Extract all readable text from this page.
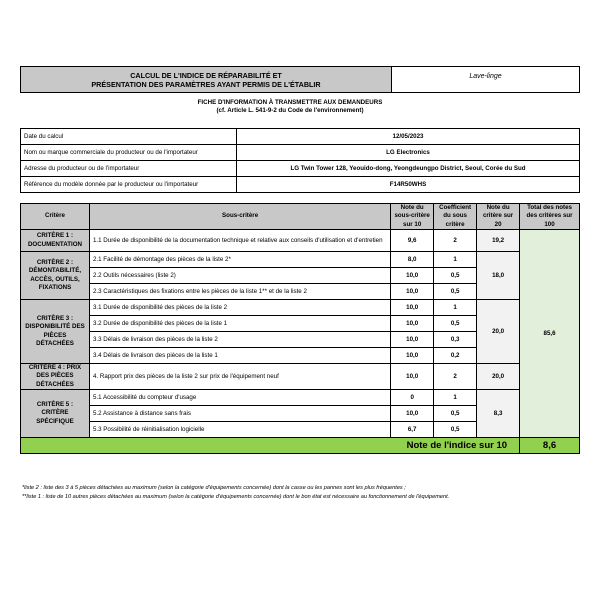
CALCUL DE L'INDICE DE RÉPARABILITÉ ET
PRÉSENTATION DES PARAMÈTRES AYANT PERMIS DE L'ÉTABLIR
Lave-linge
FICHE D'INFORMATION À TRANSMETTRE AUX DEMANDEURS
(cf. Article L. 541-9-2 du Code de l'environnement)
Date du calcul	12/05/2023
Nom ou marque commerciale du producteur ou de l'importateur	LG Electronics
Adresse du producteur ou de l'importateur	LG Twin Tower 128, Yeouido-dong, Yeongdeungpo District, Seoul, Corée du Sud
Référence du modèle donnée par le producteur ou l'importateur	F14R50WHS
Critère	Sous-critère	Note du sous-critère sur 10	Coefficient du sous critère	Note du critère sur 20	Total des notes des critères sur 100
CRITÈRE 1 : DOCUMENTATION	1.1 Durée de disponibilité de la documentation technique et relative aux conseils d'utilisation et d'entretien	9,6	2	19,2	85,6
CRITÈRE 2 : DÉMONTABILITÉ, ACCÈS, OUTILS, FIXATIONS	2.1 Facilité de démontage des pièces de la liste 2*	8,0	1	18,0	
	2.2 Outils nécessaires (liste 2)	10,0	0,5		
	2.3 Caractéristiques des fixations entre les pièces de la liste 1** et de la liste 2	10,0	0,5		
CRITÈRE 3 : DISPONIBILITÉ DES PIÈCES DÉTACHÉES	3.1 Durée de disponibilité des pièces de la liste 2	10,0	1	20,0	
	3.2 Durée de disponibilité des pièces de la liste 1	10,0	0,5		
	3.3 Délais de livraison des pièces de la liste 2	10,0	0,3		
	3.4 Délais de livraison des pièces de la liste 1	10,0	0,2		
CRITÈRE 4 : PRIX DES PIÈCES DÉTACHÉES	4. Rapport prix des pièces de la liste 2 sur prix de l'équipement neuf	10,0	2	20,0	
CRITÈRE 5 : CRITÈRE SPÉCIFIQUE	5.1 Accessibilité du compteur d'usage	0	1	8,3	
	5.2 Assistance à distance sans frais	10,0	0,5		
	5.3 Possibilité de réinitialisation logicielle	6,7	0,5		
Note de l'indice sur 10					8,6
*liste 2 : liste des 3 à 5 pièces détachées au maximum (selon la catégorie d'équipements concernée) dont la casse ou les pannes sont les plus fréquentes ;
**liste 1 : liste de 10 autres pièces détachées au maximum (selon la catégorie d'équipements concernée) dont le bon état est nécessaire au fonctionnement de l'équipement.
